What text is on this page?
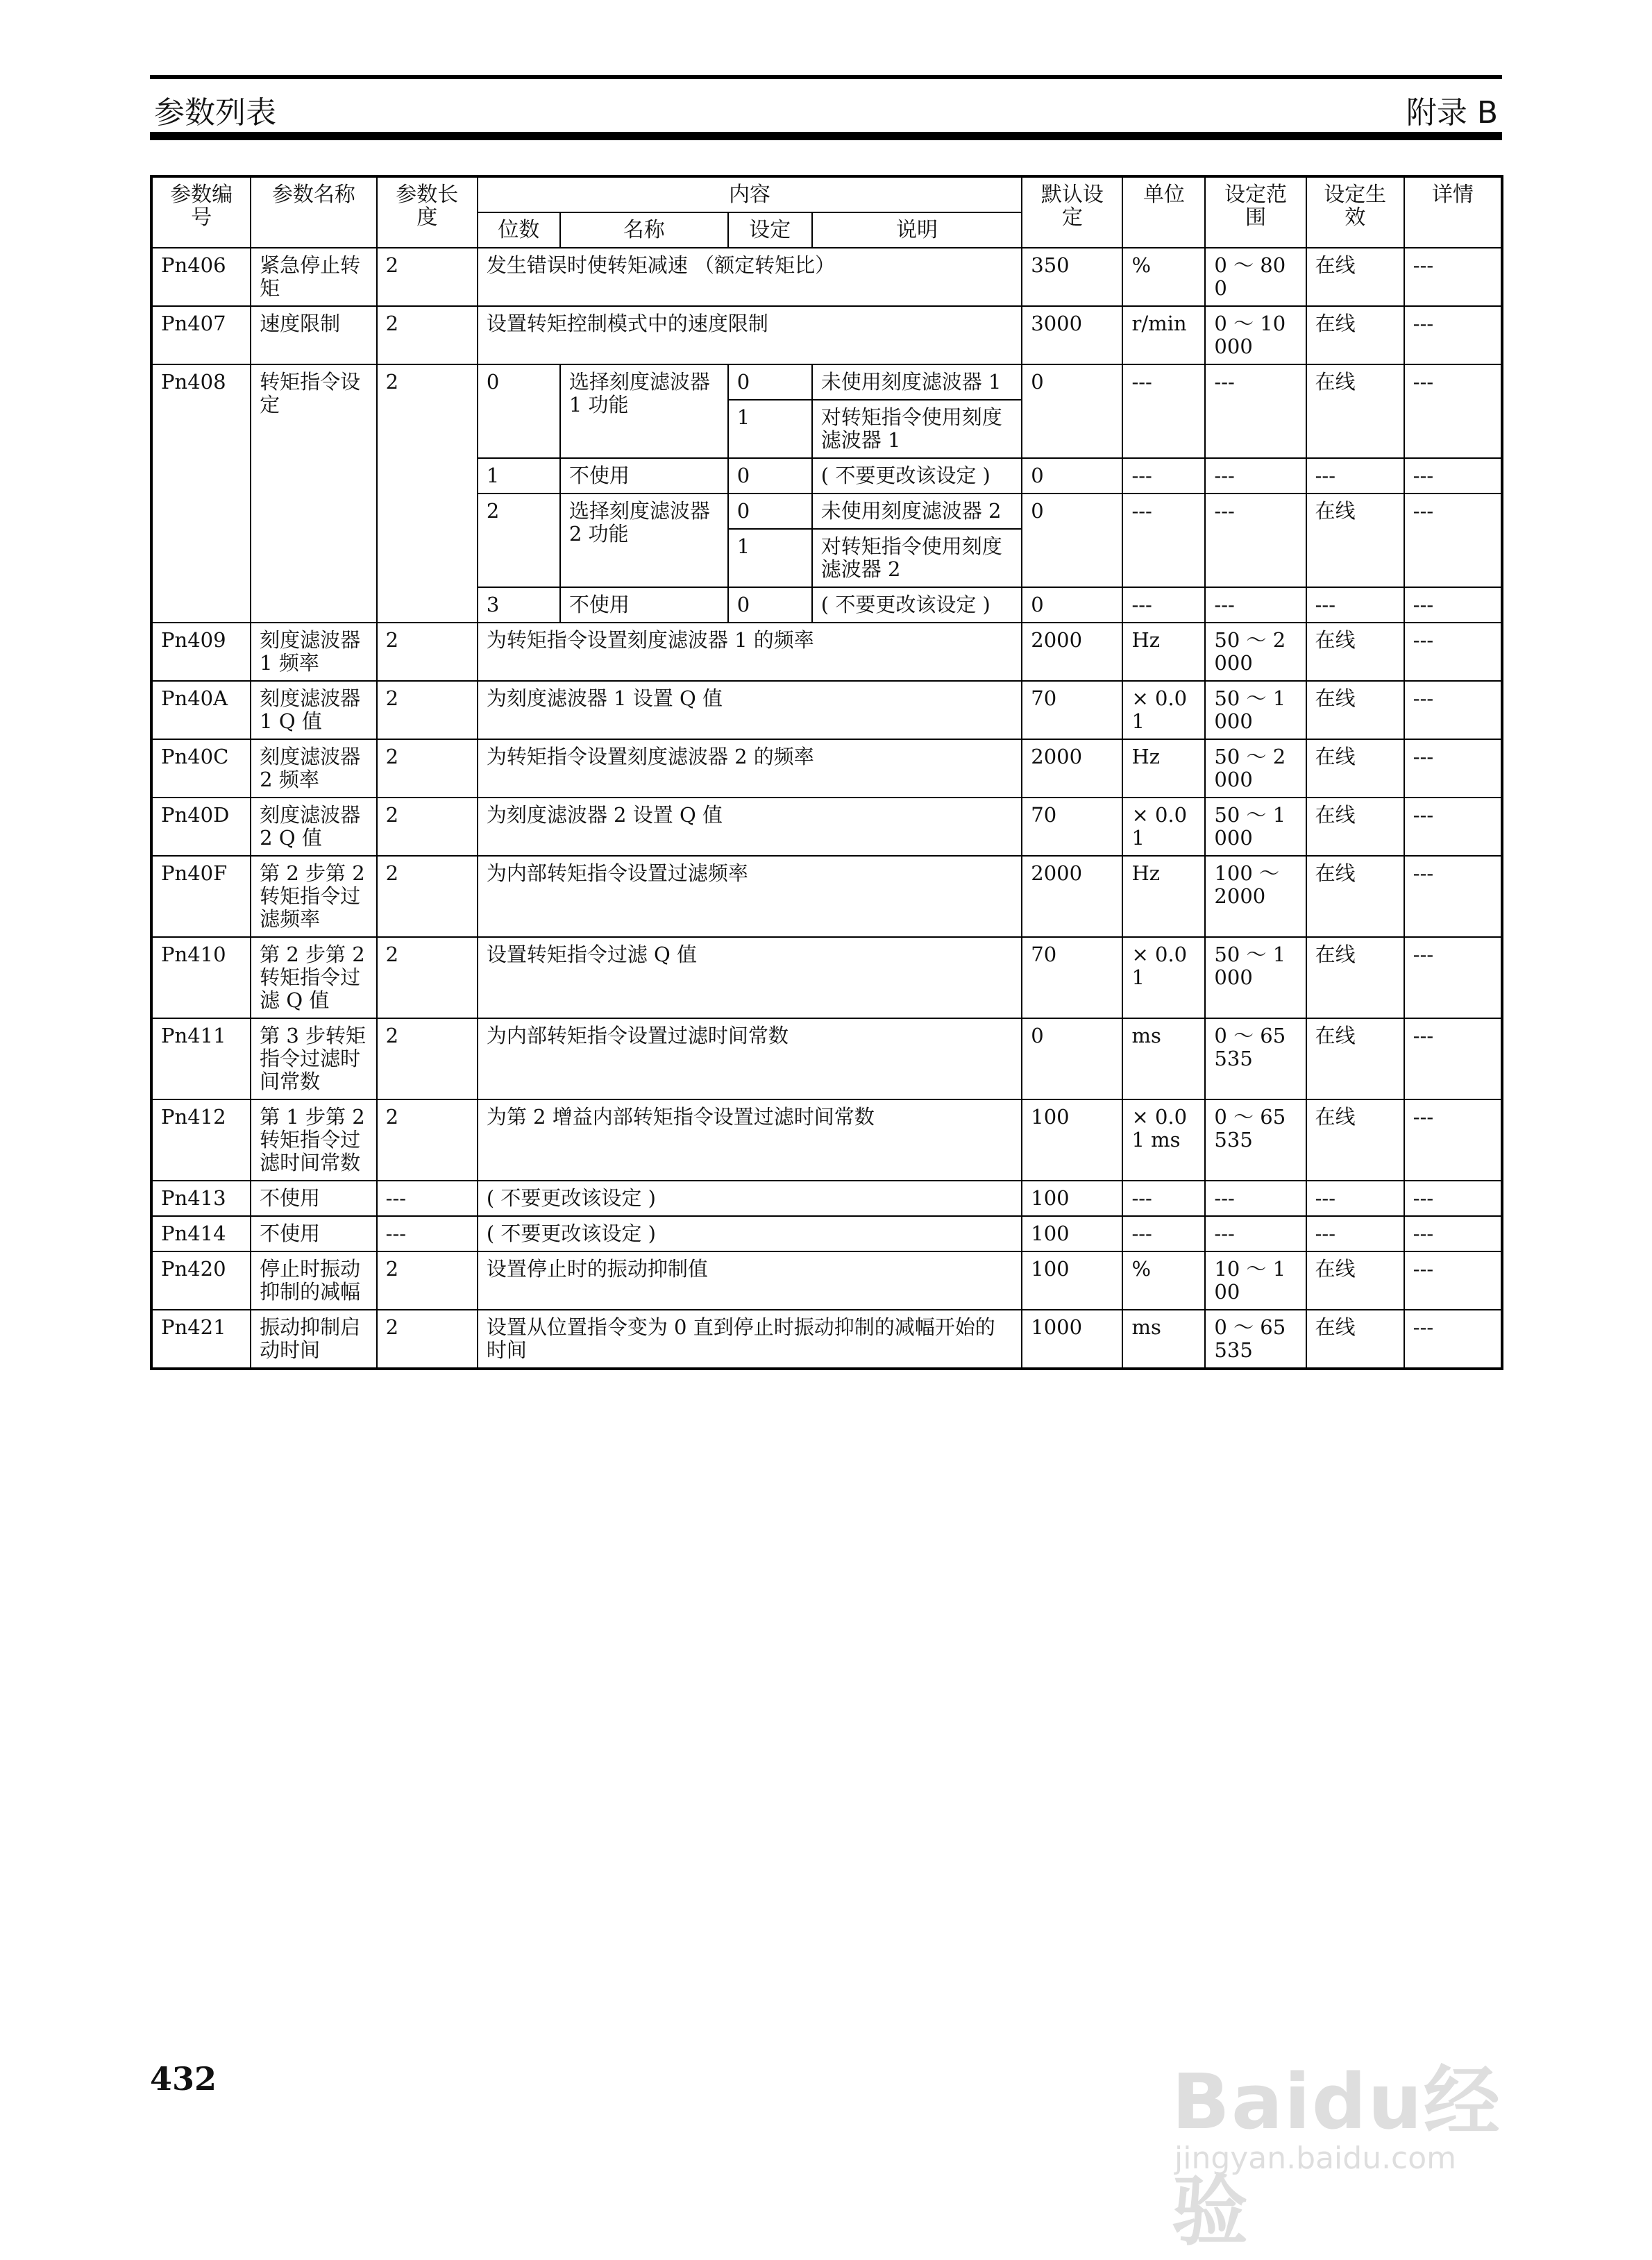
参数列表	附录 B
参数编号	参数名称	参数长度	内容				默认设定	单位	设定范围	设定生效	详情
			位数	名称	设定	说明					
Pn406	紧急停止转矩	2	发生错误时使转矩减速 （额定转矩比）				350	%	0 ～ 800	在线	---
Pn407	速度限制	2	设置转矩控制模式中的速度限制				3000	r/min	0 ～ 10000	在线	---
Pn408	转矩指令设定	2	0	选择刻度滤波器 1 功能	0	未使用刻度滤波器 1	0	---	---	在线	---
					1	对转矩指令使用刻度滤波器 1					
			1	不使用	0	( 不要更改该设定 )	0	---	---	---	---
			2	选择刻度滤波器 2 功能	0	未使用刻度滤波器 2	0	---	---	在线	---
					1	对转矩指令使用刻度滤波器 2					
			3	不使用	0	( 不要更改该设定 )	0	---	---	---	---
Pn409	刻度滤波器 1 频率	2	为转矩指令设置刻度滤波器 1 的频率				2000	Hz	50 ～ 2000	在线	---
Pn40A	刻度滤波器 1 Q 值	2	为刻度滤波器 1 设置 Q 值				70	× 0.01	50 ～ 1000	在线	---
Pn40C	刻度滤波器 2 频率	2	为转矩指令设置刻度滤波器 2 的频率				2000	Hz	50 ～ 2000	在线	---
Pn40D	刻度滤波器 2 Q 值	2	为刻度滤波器 2 设置 Q 值				70	× 0.01	50 ～ 1000	在线	---
Pn40F	第 2 步第 2 转矩指令过滤频率	2	为内部转矩指令设置过滤频率				2000	Hz	100 ～ 2000	在线	---
Pn410	第 2 步第 2 转矩指令过滤 Q 值	2	设置转矩指令过滤 Q 值				70	× 0.01	50 ～ 1000	在线	---
Pn411	第 3 步转矩指令过滤时间常数	2	为内部转矩指令设置过滤时间常数				0	ms	0 ～ 65535	在线	---
Pn412	第 1 步第 2 转矩指令过滤时间常数	2	为第 2 增益内部转矩指令设置过滤时间常数				100	× 0.01 ms	0 ～ 65535	在线	---
Pn413	不使用	---	( 不要更改该设定 )				100	---	---	---	---
Pn414	不使用	---	( 不要更改该设定 )				100	---	---	---	---
Pn420	停止时振动抑制的减幅	2	设置停止时的振动抑制值				100	%	10 ～ 100	在线	---
Pn421	振动抑制启动时间	2	设置从位置指令变为 0 直到停止时振动抑制的减幅开始的时间				1000	ms	0 ～ 65535	在线	---
432	Baidu经验
jingyan.baidu.com
